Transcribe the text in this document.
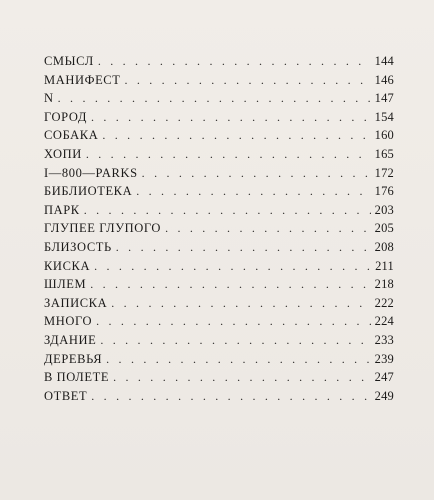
СМЫСЛ . . .	144
МАНИФЕСТ . . .	146
N . . .	147
ГОРОД . . .	154
СОБАКА . . .	160
ХОПИ . . .	165
I—800—PARKS . . .	172
БИБЛИОТЕКА . . .	176
ПАРК . . .	203
ГЛУПЕЕ ГЛУПОГО . . .	205
БЛИЗОСТЬ . . .	208
КИСКА . . .	211
ШЛЕМ . . .	218
ЗАПИСКА . . .	222
МНОГО . . .	224
ЗДАНИЕ . . .	233
ДЕРЕВЬЯ . . .	239
В ПОЛЕТЕ . . .	247
ОТВЕТ . . .	249
